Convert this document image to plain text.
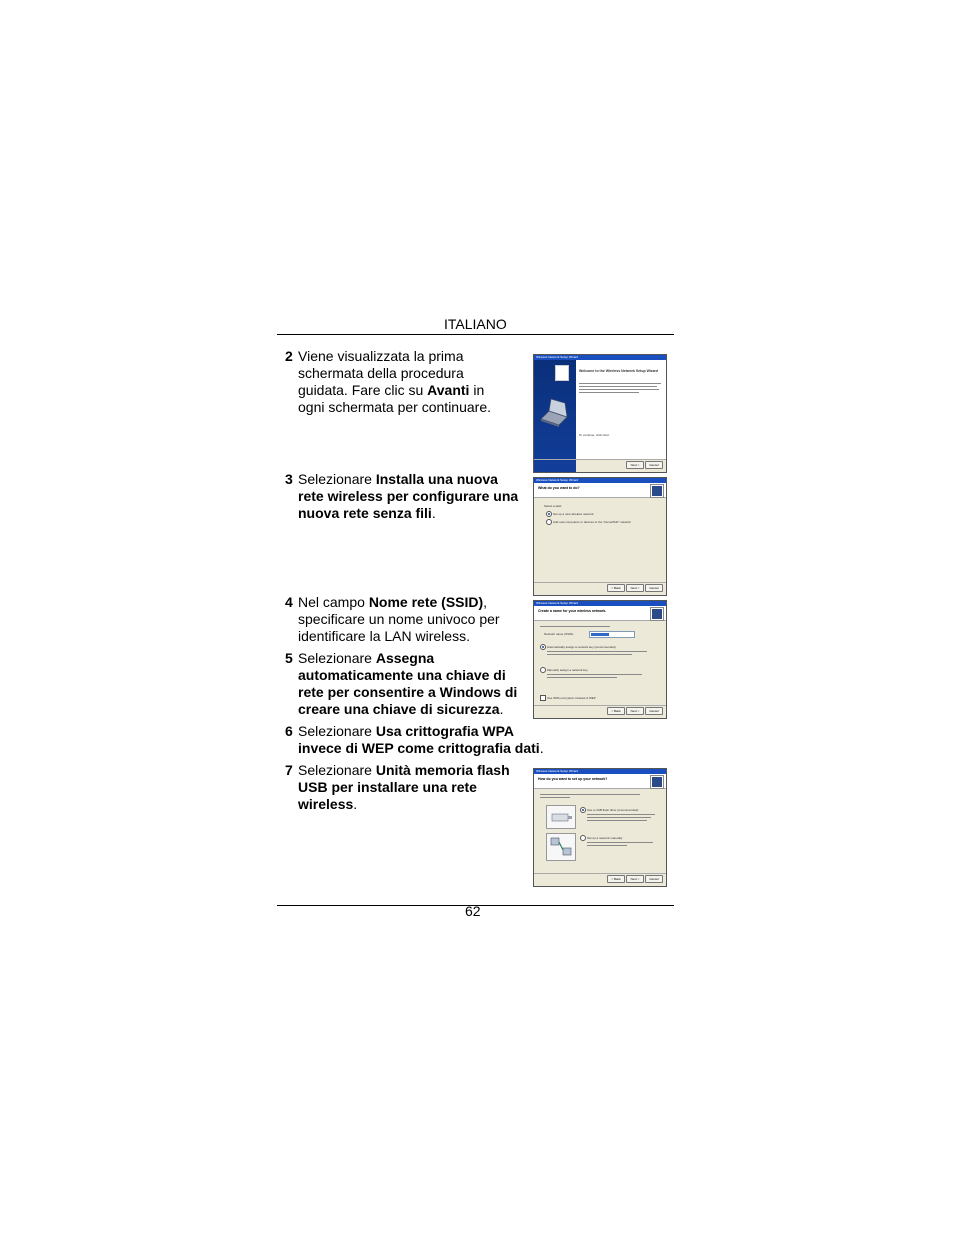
ITALIANO
2 Viene visualizzata la prima
schermata della procedura
guidata. Fare clic su Avanti in
ogni schermata per continuare.
3 Selezionare Installa una nuova
rete wireless per configurare una
nuova rete senza fili.
4 Nel campo Nome rete (SSID),
specificare un nome univoco per
identificare la LAN wireless.
5 Selezionare Assegna
automaticamente una chiave di
rete per consentire a Windows di
creare una chiave di sicurezza.
6 Selezionare Usa crittografia WPA
invece di WEP come crittografia dati.
7 Selezionare Unità memoria flash
USB per installare una rete
wireless.
Wireless Network Setup Wizard
Welcome to the Wireless Network Setup Wizard
To continue, click Next.
Next >	Cancel
Wireless Network Setup Wizard
What do you want to do?
Select a task:
Set up a new wireless network
Add new computers or devices to the "HomeWiFi" network
< Back	Next >	Cancel
Wireless Network Setup Wizard
Create a name for your wireless network.
Network name (SSID):
Automatically assign a network key (recommended)
Manually assign a network key
Use WPA encryption instead of WEP
< Back	Next >	Cancel
Wireless Network Setup Wizard
How do you want to set up your network?
Use a USB flash drive (recommended)
Set up a network manually
< Back	Next >	Cancel
62
